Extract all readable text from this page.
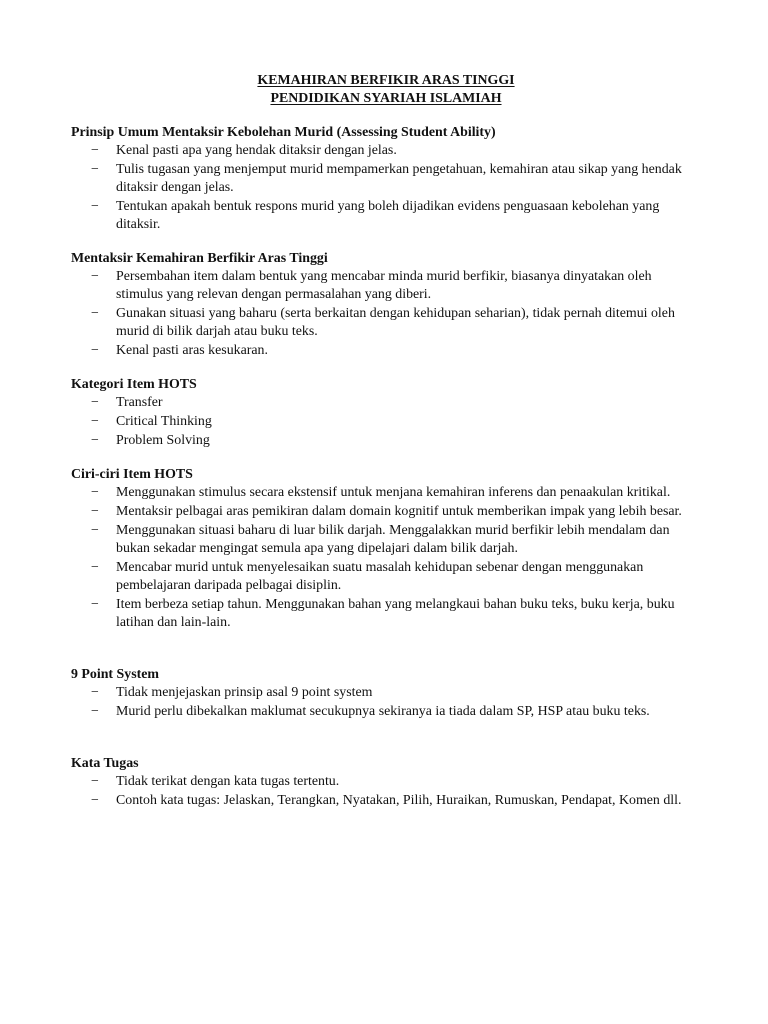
KEMAHIRAN BERFIKIR ARAS TINGGI
PENDIDIKAN SYARIAH ISLAMIAH
Prinsip Umum Mentaksir Kebolehan Murid (Assessing Student Ability)
− Kenal pasti apa yang hendak ditaksir dengan jelas.
− Tulis tugasan yang menjemput murid mempamerkan pengetahuan, kemahiran atau sikap yang hendak ditaksir dengan jelas.
− Tentukan apakah bentuk respons murid yang boleh dijadikan evidens penguasaan kebolehan yang ditaksir.
Mentaksir Kemahiran Berfikir Aras Tinggi
− Persembahan item dalam bentuk yang mencabar minda murid berfikir, biasanya dinyatakan oleh stimulus yang relevan dengan permasalahan yang diberi.
− Gunakan situasi yang baharu (serta berkaitan dengan kehidupan seharian), tidak pernah ditemui oleh murid di bilik darjah atau buku teks.
− Kenal pasti aras kesukaran.
Kategori Item HOTS
− Transfer
− Critical Thinking
− Problem Solving
Ciri-ciri Item HOTS
− Menggunakan stimulus secara ekstensif untuk menjana kemahiran inferens dan penaakulan kritikal.
− Mentaksir pelbagai aras pemikiran dalam domain kognitif untuk memberikan impak yang lebih besar.
− Menggunakan situasi baharu di luar bilik darjah. Menggalakkan murid berfikir lebih mendalam dan bukan sekadar mengingat semula apa yang dipelajari dalam bilik darjah.
− Mencabar murid untuk menyelesaikan suatu masalah kehidupan sebenar dengan menggunakan pembelajaran daripada pelbagai disiplin.
− Item berbeza setiap tahun. Menggunakan bahan yang melangkaui bahan buku teks, buku kerja, buku latihan dan lain-lain.
9 Point System
− Tidak menjejaskan prinsip asal 9 point system
− Murid perlu dibekalkan maklumat secukupnya sekiranya ia tiada dalam SP, HSP atau buku teks.
Kata Tugas
− Tidak terikat dengan kata tugas tertentu.
− Contoh kata tugas: Jelaskan, Terangkan, Nyatakan, Pilih, Huraikan, Rumuskan, Pendapat, Komen dll.
